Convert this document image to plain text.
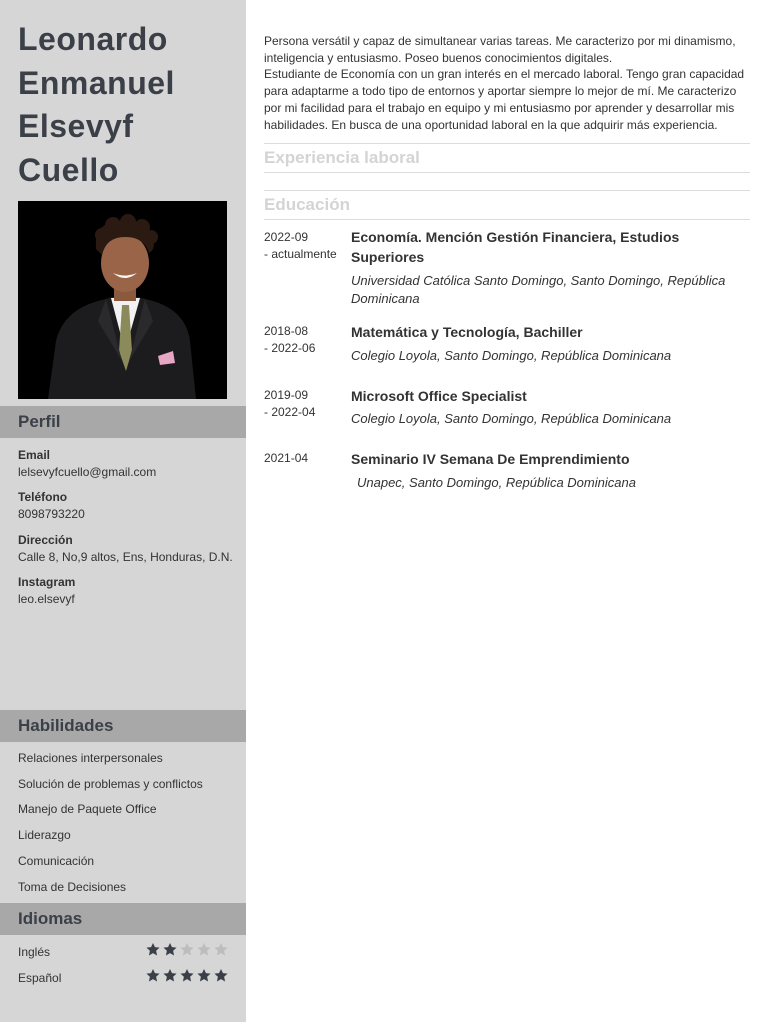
Leonardo
Enmanuel
Elsevyf
Cuello
Perfil
Email
lelsevyfcuello@gmail.com
Teléfono
8098793220
Dirección
Calle 8, No,9 altos, Ens, Honduras, D.N.
Instagram
leo.elsevyf
Habilidades
Relaciones interpersonales
Solución de problemas y conflictos
Manejo de Paquete Office
Liderazgo
Comunicación
Toma de Decisiones
Idiomas
Inglés
Español

Persona versátil y capaz de simultanear varias tareas. Me caracterizo por mi dinamismo, inteligencia y entusiasmo. Poseo buenos conocimientos digitales.

Estudiante de Economía con un gran interés en el mercado laboral. Tengo gran capacidad para adaptarme a todo tipo de entornos y aportar siempre lo mejor de mí. Me caracterizo por mi facilidad para el trabajo en equipo y mi entusiasmo por aprender y desarrollar mis habilidades. En busca de una oportunidad laboral en la que adquirir más experiencia.

Experiencia laboral
Educación
2022-09
- actualmente
Economía. Mención Gestión Financiera, Estudios Superiores
Universidad Católica Santo Domingo, Santo Domingo, República Dominicana
2018-08
- 2022-06
Matemática y Tecnología, Bachiller
Colegio Loyola, Santo Domingo, República Dominicana
2019-09
- 2022-04
Microsoft Office Specialist
Colegio Loyola, Santo Domingo, República Dominicana
2021-04	Seminario IV Semana De Emprendimiento
Unapec, Santo Domingo, República Dominicana
